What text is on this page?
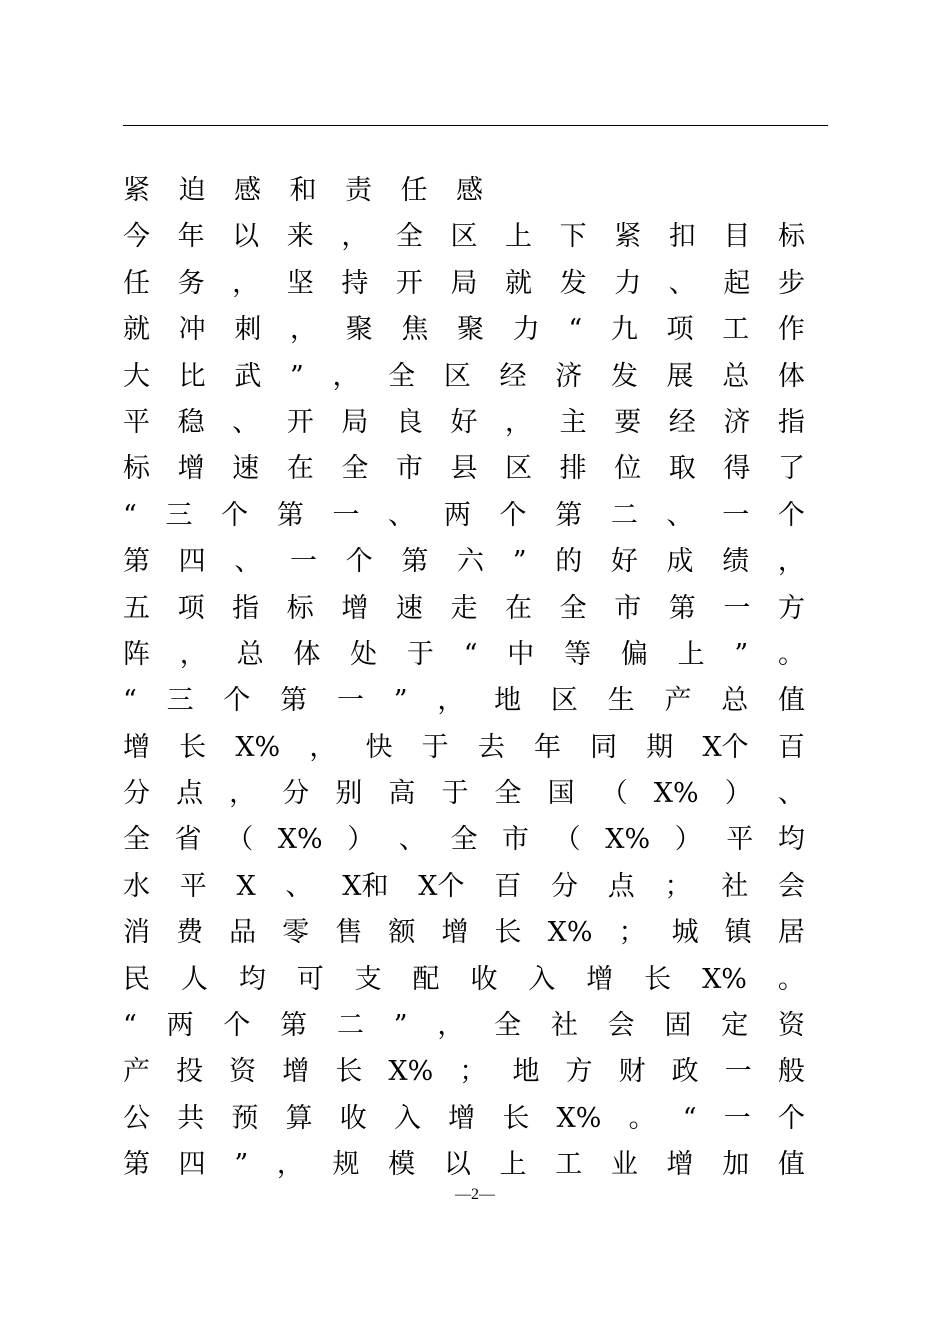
紧迫感和责任感
今 年 以 来 ， 全 区 上 下 紧 扣 目 标
任 务 ， 坚 持 开 局 就 发 力 、 起 步
就 冲 刺 ， 聚 焦 聚 力 “ 九 项 工 作
大 比 武 ” ， 全 区 经 济 发 展 总 体
平 稳 、 开 局 良 好 ， 主 要 经 济 指
标 增 速 在 全 市 县 区 排 位 取 得 了
“ 三 个 第 一 、 两 个 第 二 、 一 个
第 四 、 一 个 第 六 ” 的 好 成 绩 ，
五 项 指 标 增 速 走 在 全 市 第 一 方
阵 ， 总 体 处 于 “ 中 等 偏 上 ” 。
“ 三 个 第 一 ” ， 地 区 生 产 总 值
增 长 X% ， 快 于 去 年 同 期 X个 百
分 点 ， 分 别 高 于 全 国 （ X% ） 、
全 省 （ X% ） 、 全 市 （ X% ） 平 均
水 平 X 、 X和 X个 百 分 点 ； 社 会
消 费 品 零 售 额 增 长 X% ； 城 镇 居
民 人 均 可 支 配 收 入 增 长 X% 。
“ 两 个 第 二 ” ， 全 社 会 固 定 资
产 投 资 增 长 X% ； 地 方 财 政 一 般
公 共 预 算 收 入 增 长 X% 。 “ 一 个
第 四 ” ， 规 模 以 上 工 业 增 加 值
—2—
